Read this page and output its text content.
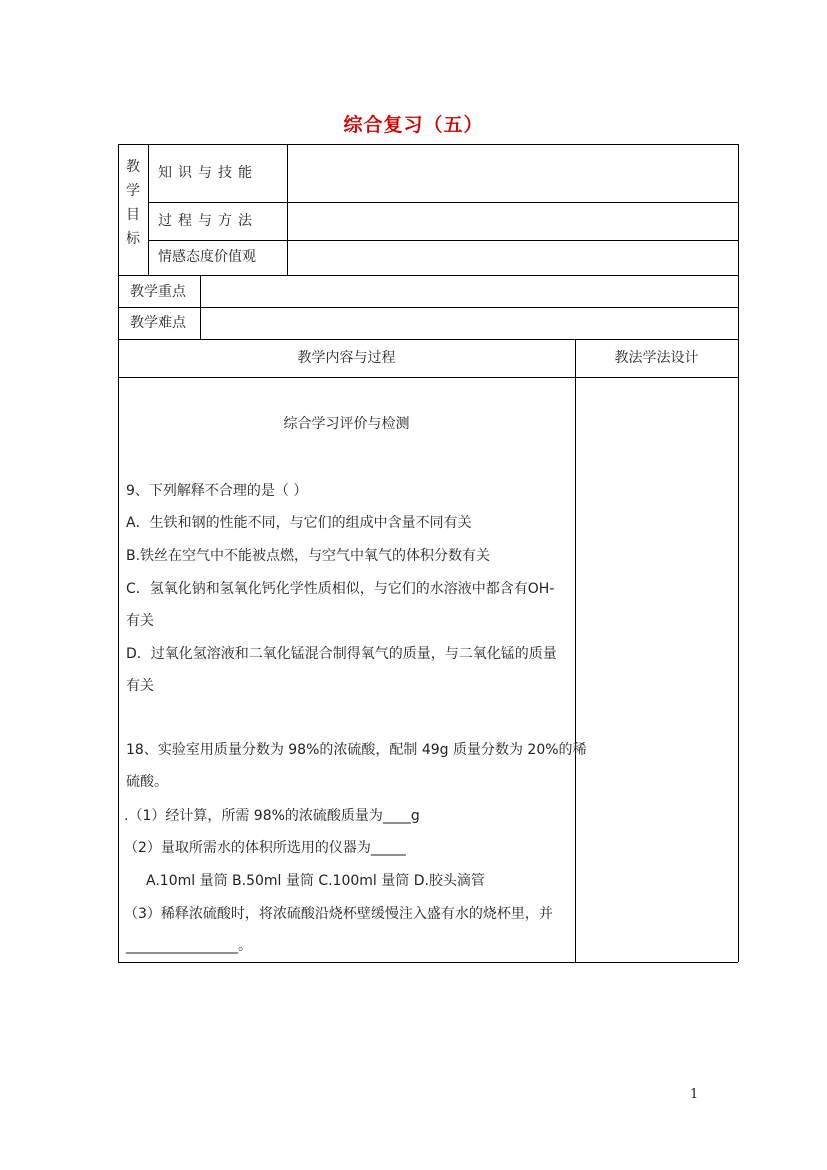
综合复习（五）
教
学
目
标
知识与技能
过程与方法
情感态度价值观
教学重点
教学难点
教学内容与过程	教法学法设计
综合学习评价与检测
9、下列解释不合理的是（ ）
A．生铁和钢的性能不同，与它们的组成中含量不同有关
B.铁丝在空气中不能被点燃，与空气中氧气的体积分数有关
C．氢氧化钠和氢氧化钙化学性质相似，与它们的水溶液中都含有OH-
有关
D．过氧化氢溶液和二氧化锰混合制得氧气的质量，与二氧化锰的质量
有关
18、实验室用质量分数为 98%的浓硫酸，配制 49g 质量分数为 20%的稀
硫酸。
.（1）经计算，所需 98%的浓硫酸质量为____g
（2）量取所需水的体积所选用的仪器为_____
A.10ml 量筒 B.50ml 量筒 C.100ml 量筒 D.胶头滴管
（3）稀释浓硫酸时，将浓硫酸沿烧杯壁缓慢注入盛有水的烧杯里，并
________________。
1
